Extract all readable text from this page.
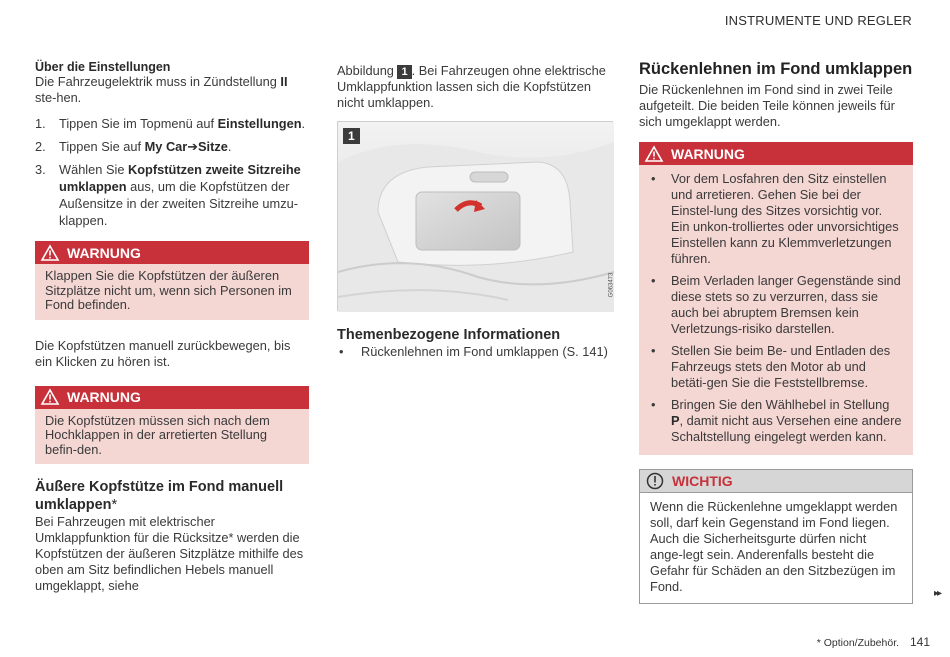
INSTRUMENTE UND REGLER
Über die Einstellungen

Die Fahrzeugelektrik muss in Zündstellung II ste-hen.

1.	Tippen Sie im Topmenü auf Einstellungen.
2.	Tippen Sie auf My Car➔Sitze.
3.	Wählen Sie Kopfstützen zweite Sitzreihe umklappen aus, um die Kopfstützen der Außensitze in der zweiten Sitzreihe umzu-klappen.
WARNUNG
Klappen Sie die Kopfstützen der äußeren Sitzplätze nicht um, wenn sich Personen im Fond befinden.

Die Kopfstützen manuell zurückbewegen, bis ein Klicken zu hören ist.

WARNUNG
Die Kopfstützen müssen sich nach dem Hochklappen in der arretierten Stellung befin-den.
Äußere Kopfstütze im Fond manuell umklappen*

Bei Fahrzeugen mit elektrischer Umklappfunktion für die Rücksitze* werden die Kopfstützen der äußeren Sitzplätze mithilfe des oben am Sitz befindlichen Hebels manuell umgeklappt, siehe

Abbildung 1 . Bei Fahrzeugen ohne elektrische Umklappfunktion lassen sich die Kopfstützen nicht umklappen.

1
G063473
Themenbezogene Informationen
•	Rückenlehnen im Fond umklappen (S. 141)
Rückenlehnen im Fond umklappen

Die Rückenlehnen im Fond sind in zwei Teile aufgeteilt. Die beiden Teile können jeweils für sich umgeklappt werden.

WARNUNG
•	Vor dem Losfahren den Sitz einstellen und arretieren. Gehen Sie bei der Einstel-lung des Sitzes vorsichtig vor. Ein unkon-trolliertes oder unvorsichtiges Einstellen kann zu Klemmverletzungen führen.
•	Beim Verladen langer Gegenstände sind diese stets so zu verzurren, dass sie auch bei abruptem Bremsen kein Verletzungs-risiko darstellen.
•	Stellen Sie beim Be- und Entladen des Fahrzeugs stets den Motor ab und betäti-gen Sie die Feststellbremse.
•	Bringen Sie den Wählhebel in Stellung P, damit nicht aus Versehen eine andere Schaltstellung eingelegt werden kann.
WICHTIG
Wenn die Rückenlehne umgeklappt werden soll, darf kein Gegenstand im Fond liegen. Auch die Sicherheitsgurte dürfen nicht ange-legt sein. Anderenfalls besteht die Gefahr für Schäden an den Sitzbezügen im Fond.	▸▸
* Option/Zubehör. 141
